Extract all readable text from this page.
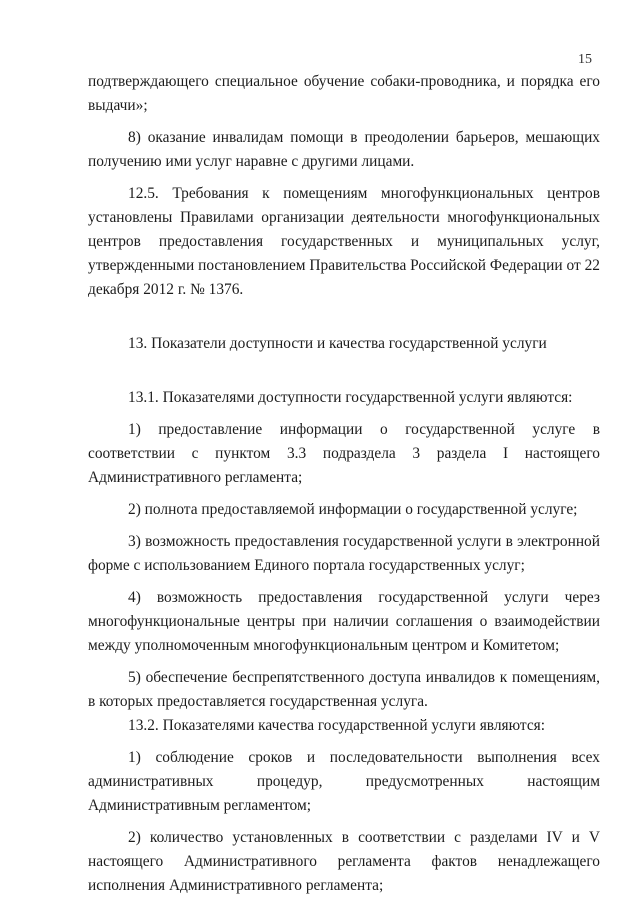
15

подтверждающего специальное обучение собаки-проводника, и порядка его выдачи»;

8) оказание инвалидам помощи в преодолении барьеров, мешающих получению ими услуг наравне с другими лицами.

12.5. Требования к помещениям многофункциональных центров установлены Правилами организации деятельности многофункциональных центров предоставления государственных и муниципальных услуг, утвержденными постановлением Правительства Российской Федерации от 22 декабря 2012 г. № 1376.

13. Показатели доступности и качества государственной услуги

13.1. Показателями доступности государственной услуги являются:

1) предоставление информации о государственной услуге в соответствии с пунктом 3.3 подраздела 3 раздела I настоящего Административного регламента;

2) полнота предоставляемой информации о государственной услуге;

3) возможность предоставления государственной услуги в электронной форме с использованием Единого портала государственных услуг;

4) возможность предоставления государственной услуги через многофункциональные центры при наличии соглашения о взаимодействии между уполномоченным многофункциональным центром и Комитетом;

5) обеспечение беспрепятственного доступа инвалидов к помещениям, в которых предоставляется государственная услуга.

13.2. Показателями качества государственной услуги являются:

1) соблюдение сроков и последовательности выполнения всех административных процедур, предусмотренных настоящим Административным регламентом;

2) количество установленных в соответствии с разделами IV и V настоящего Административного регламента фактов ненадлежащего исполнения Административного регламента;
